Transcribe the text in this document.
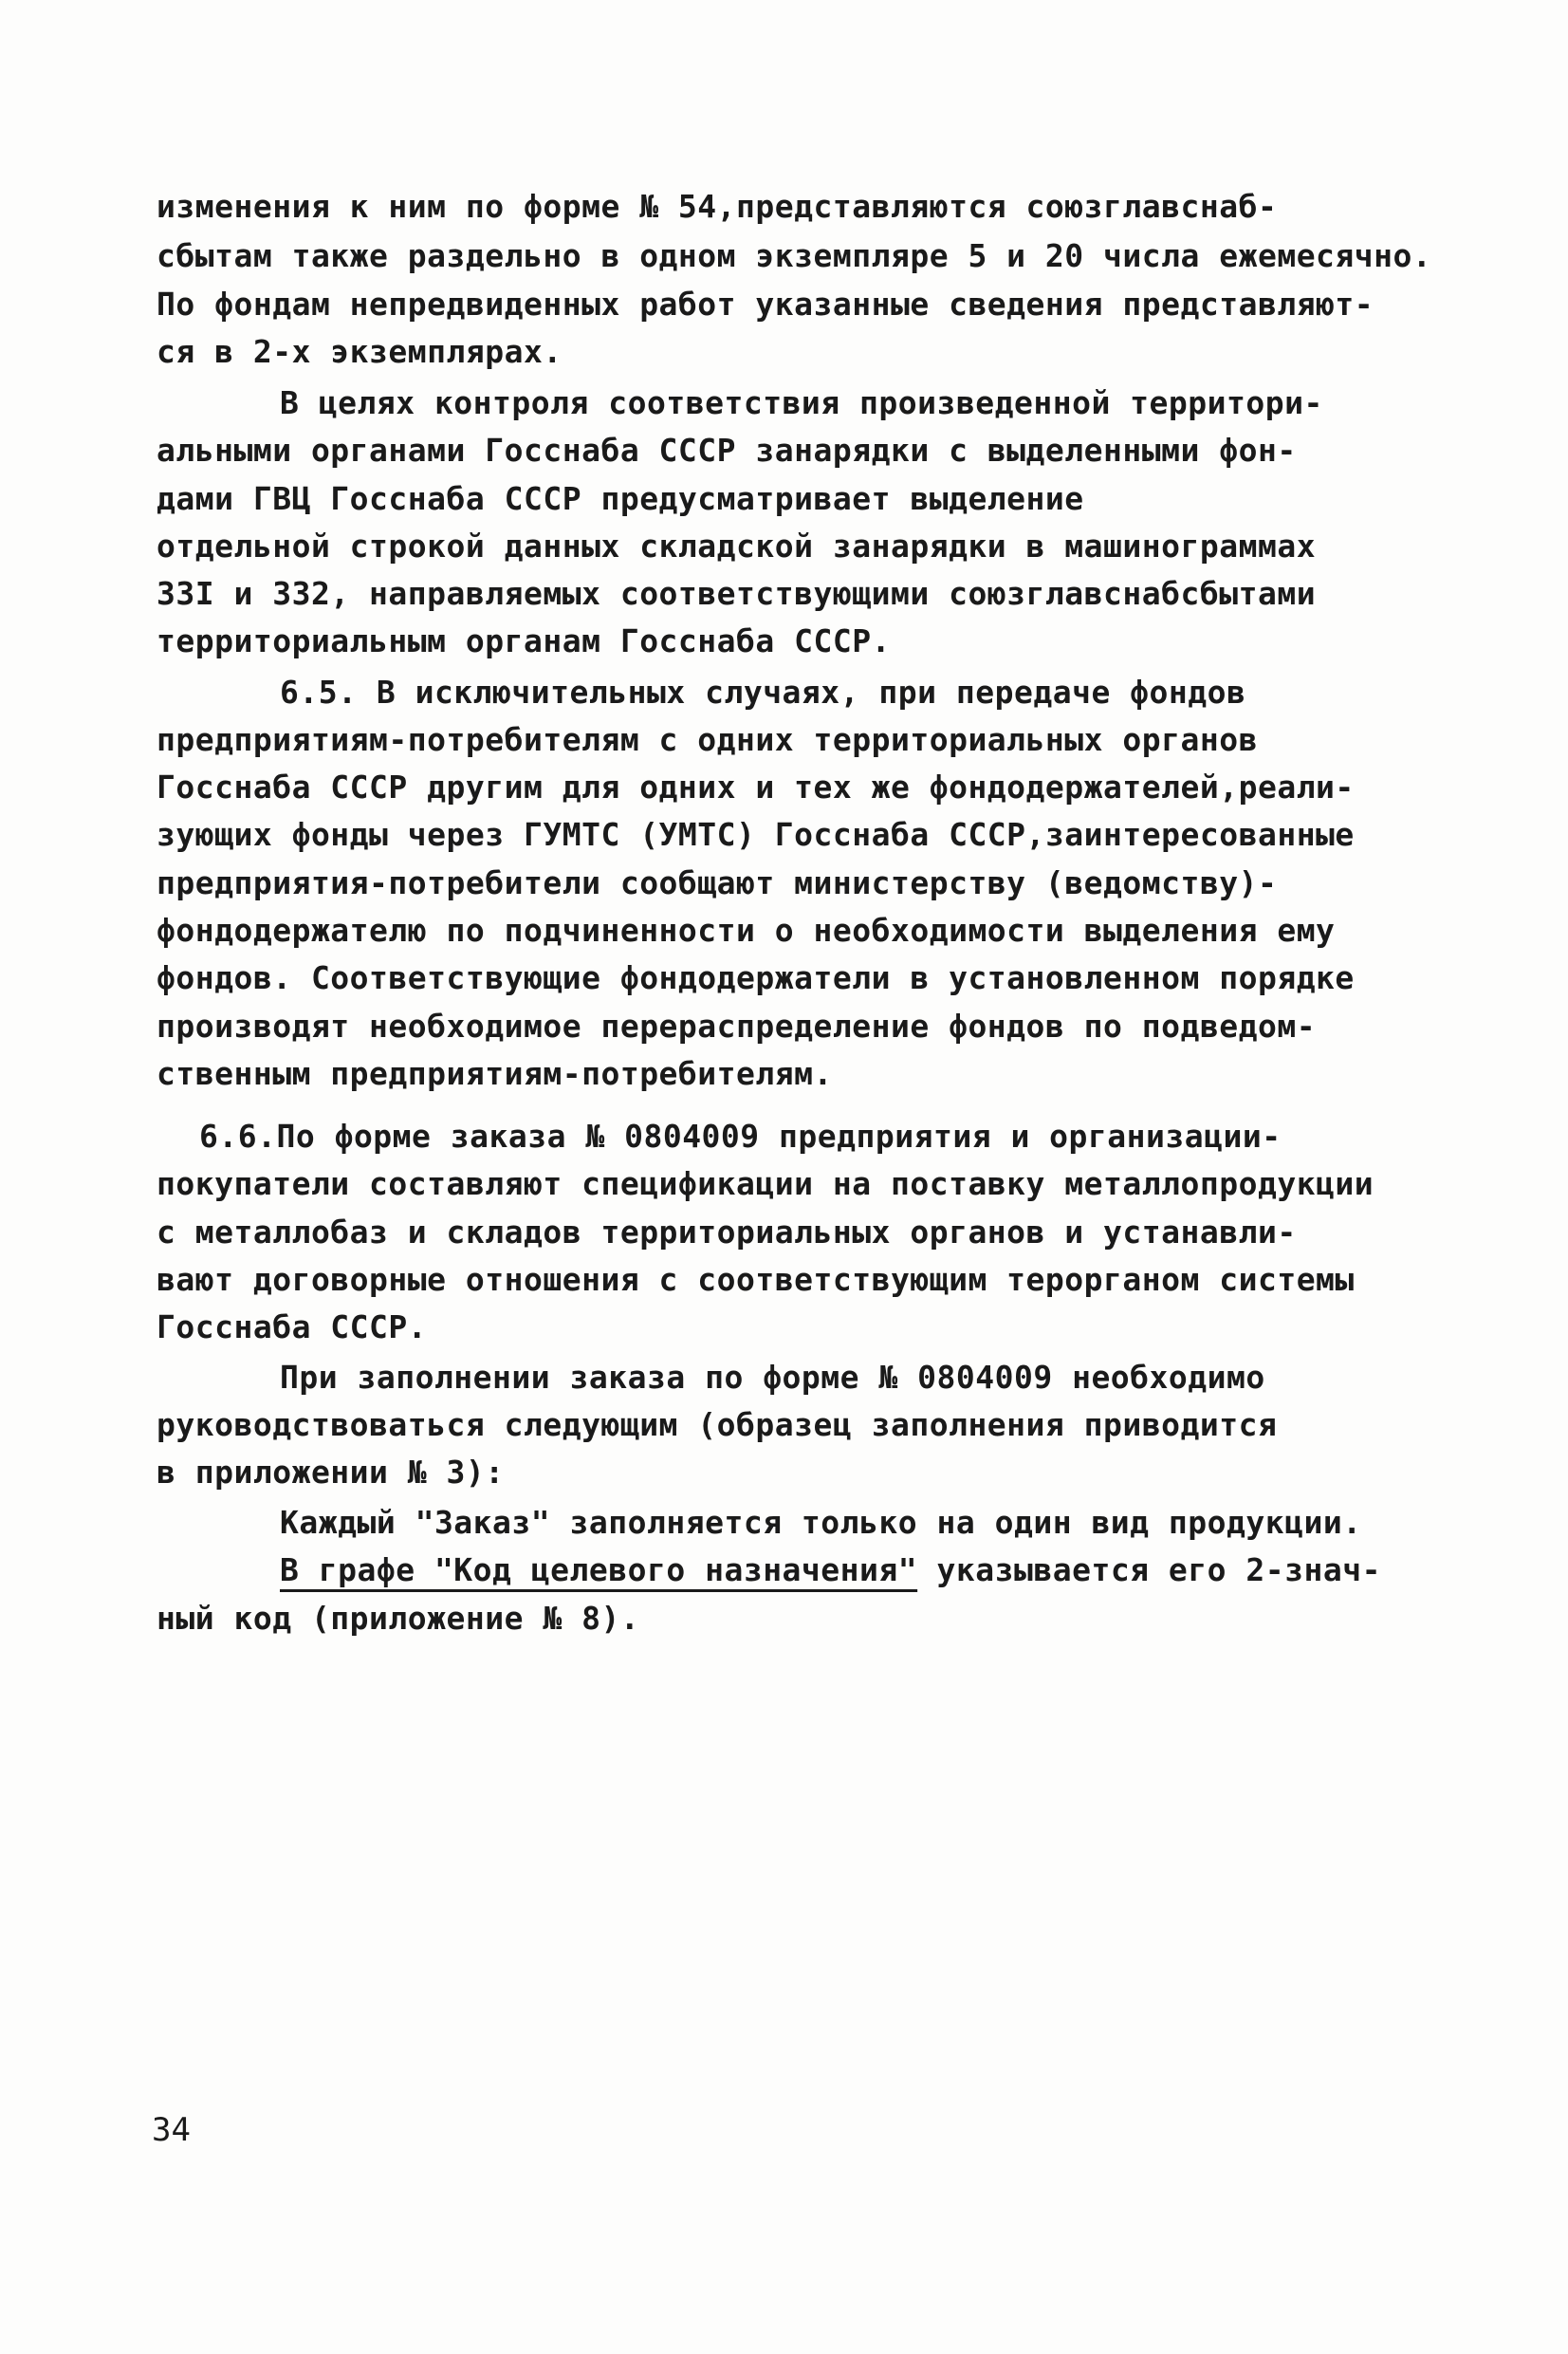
изменения к ним по форме № 54,представляются союзглавснаб-

сбытам также раздельно в одном экземпляре 5 и 20 числа ежемесячно.

По фондам непредвиденных работ указанные сведения представляют-

ся в 2-х экземплярах.

В целях контроля соответствия произведенной территори-

альными органами Госснаба СССР занарядки с выделенными фон-

дами ГВЦ Госснаба СССР предусматривает выделение

отдельной строкой данных складской занарядки в машинограммах

33I и 332, направляемых соответствующими союзглавснабсбытами

территориальным органам Госснаба СССР.

6.5. В исключительных случаях, при передаче фондов

предприятиям-потребителям с одних территориальных органов

Госснаба СССР другим для одних и тех же фондодержателей,реали-

зующих фонды через ГУМТС (УМТС) Госснаба СССР,заинтересованные

предприятия-потребители сообщают министерству (ведомству)-

фондодержателю по подчиненности о необходимости выделения ему

фондов. Соответствующие фондодержатели в установленном порядке

производят необходимое перераспределение фондов по подведом-

ственным предприятиям-потребителям.

6.6.По форме заказа № 0804009 предприятия и организации-

покупатели составляют спецификации на поставку металлопродукции

с металлобаз и складов территориальных органов и устанавли-

вают договорные отношения с соответствующим терорганом системы

Госснаба СССР.

При заполнении заказа по форме № 0804009 необходимо

руководствоваться следующим (образец заполнения приводится

в приложении № 3):

Каждый "Заказ" заполняется только на один вид продукции.

В графе "Код целевого назначения" указывается его 2-знач-

ный код (приложение № 8).

34
